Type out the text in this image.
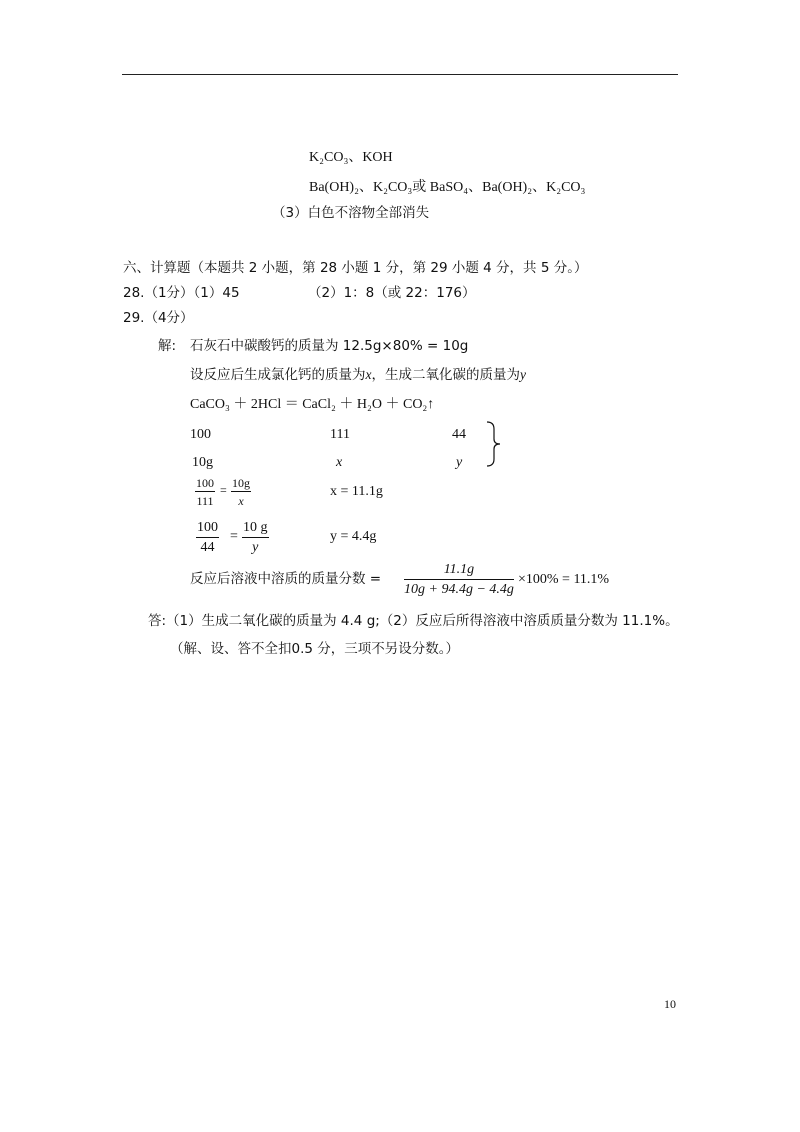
K₂CO₃、KOH
Ba(OH)₂、K₂CO₃或 BaSO₄、Ba(OH)₂、K₂CO₃
（3）白色不溶物全部消失
六、计算题（本题共 2 小题，第 28 小题 1 分，第 29 小题 4 分，共 5 分。）
28.（1分）（1）45	（2）1：8（或 22：176）
29.（4分）
解: 石灰石中碳酸钙的质量为 12.5g×80% = 10g
设反应后生成氯化钙的质量为x，生成二氧化碳的质量为y
CaCO₃ ＋ 2HCl ＝ CaCl₂ ＋ H₂O ＋ CO₂↑
100	111	44
10g	x	y
$\frac{100}{111} = \frac{10g}{x}$	x = 11.1g
$\frac{100}{44} = \frac{10 g}{y}$	y = 4.4g
反应后溶液中溶质的质量分数 = $\frac{11.1g}{10g + 94.4g - 4.4g} \times 100\% = 11.1\%$
答:（1）生成二氧化碳的质量为 4.4 g;（2）反应后所得溶液中溶质质量分数为 11.1%。
（解、设、答不全扣0.5 分，三项不另设分数。）
10
